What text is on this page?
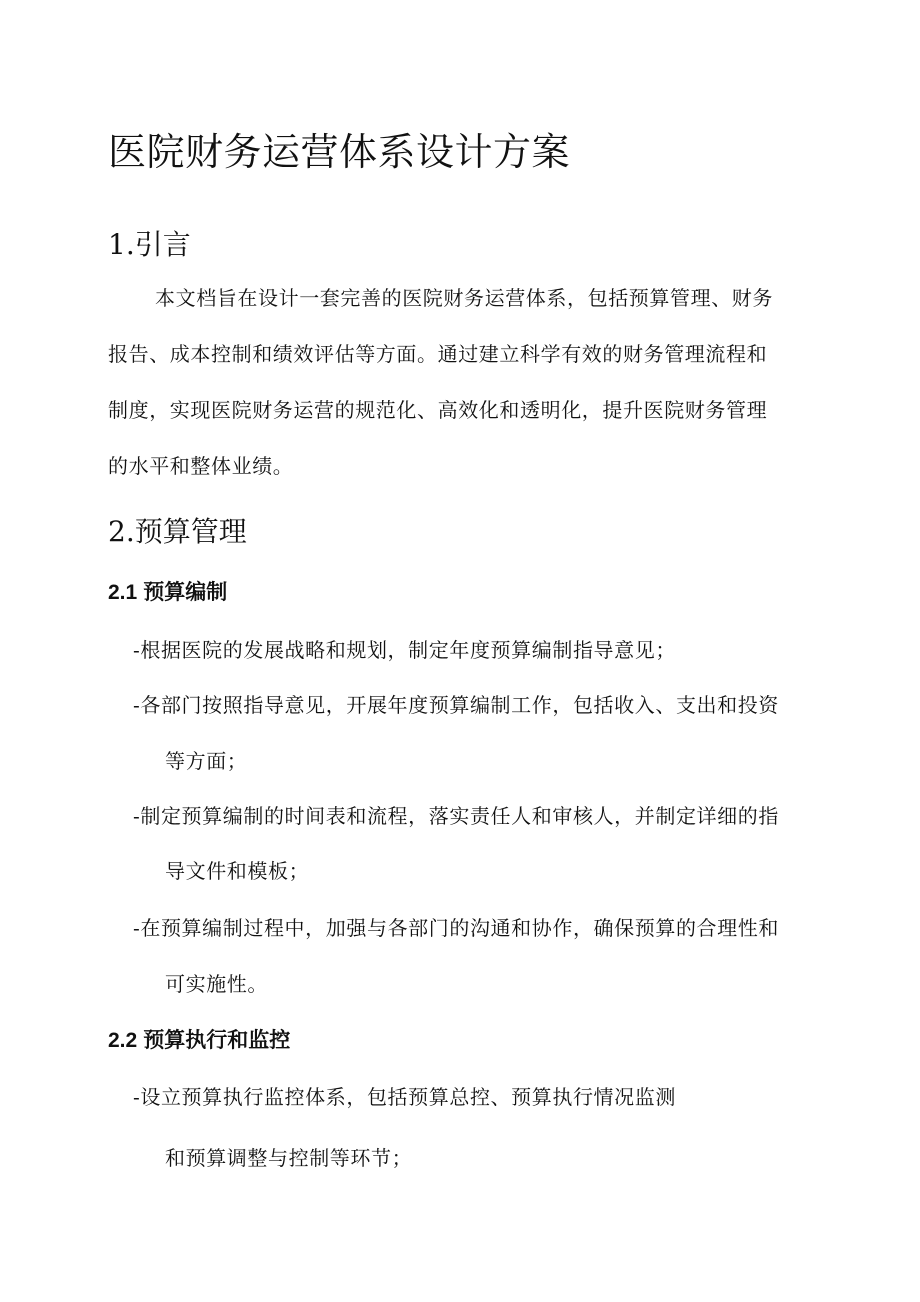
医院财务运营体系设计方案
1.引言

本文档旨在设计一套完善的医院财务运营体系，包括预算管理、财务

报告、成本控制和绩效评估等方面。通过建立科学有效的财务管理流程和

制度，实现医院财务运营的规范化、高效化和透明化，提升医院财务管理

的水平和整体业绩。

2.预算管理
2.1 预算编制

-根据医院的发展战略和规划，制定年度预算编制指导意见；

-各部门按照指导意见，开展年度预算编制工作，包括收入、支出和投资

等方面；

-制定预算编制的时间表和流程，落实责任人和审核人，并制定详细的指

导文件和模板；

-在预算编制过程中，加强与各部门的沟通和协作，确保预算的合理性和

可实施性。

2.2 预算执行和监控

-设立预算执行监控体系，包括预算总控、预算执行情况监测

和预算调整与控制等环节；
